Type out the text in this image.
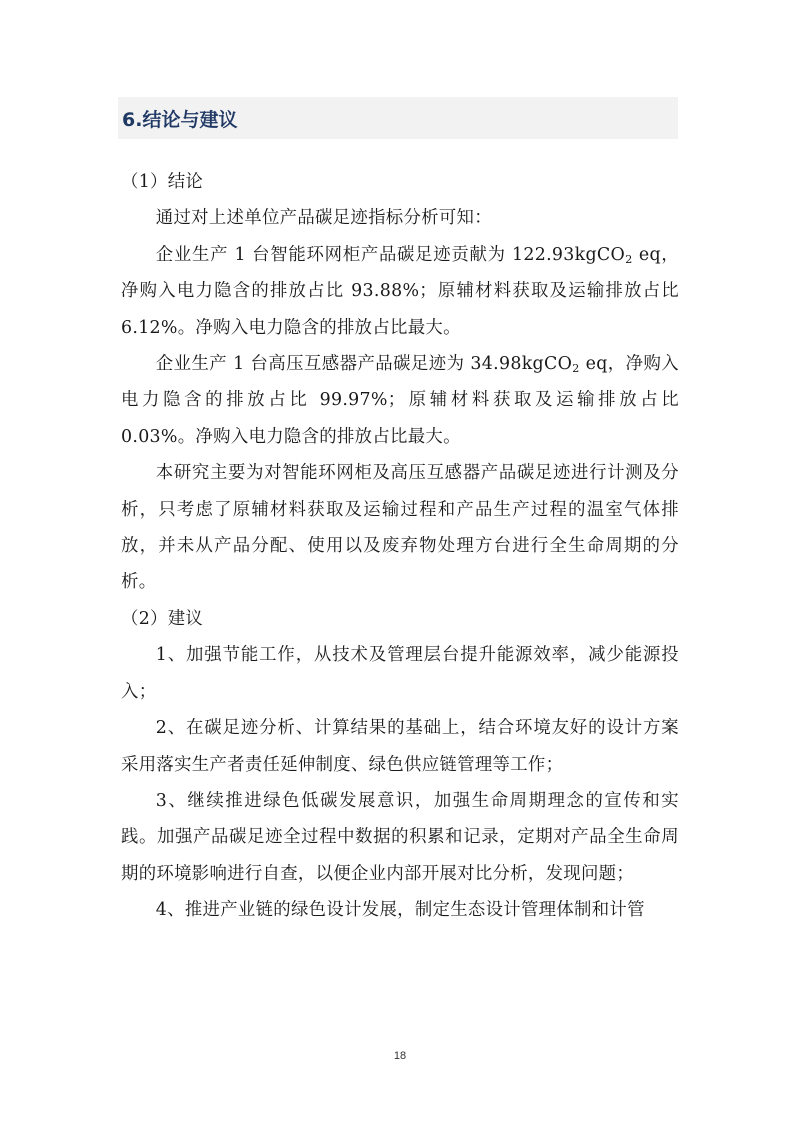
6.结论与建议

（1）结论

通过对上述单位产品碳足迹指标分析可知：

企业生产 1 台智能环网柜产品碳足迹贡献为 122.93kgCO$_2$ eq，净购入电力隐含的排放占比 93.88%；原辅材料获取及运输排放占比 6.12%。净购入电力隐含的排放占比最大。

企业生产 1 台高压互感器产品碳足迹为 34.98kgCO$_2$ eq，净购入电力隐含的排放占比 99.97%；原辅材料获取及运输排放占比 0.03%。净购入电力隐含的排放占比最大。

本研究主要为对智能环网柜及高压互感器产品碳足迹进行计测及分析，只考虑了原辅材料获取及运输过程和产品生产过程的温室气体排放，并未从产品分配、使用以及废弃物处理方台进行全生命周期的分析。

（2）建议

1、加强节能工作，从技术及管理层台提升能源效率，减少能源投入；

2、在碳足迹分析、计算结果的基础上，结合环境友好的设计方案采用落实生产者责任延伸制度、绿色供应链管理等工作；

3、继续推进绿色低碳发展意识，加强生命周期理念的宣传和实践。加强产品碳足迹全过程中数据的积累和记录，定期对产品全生命周期的环境影响进行自查，以便企业内部开展对比分析，发现问题；

4、推进产业链的绿色设计发展，制定生态设计管理体制和计管

18
